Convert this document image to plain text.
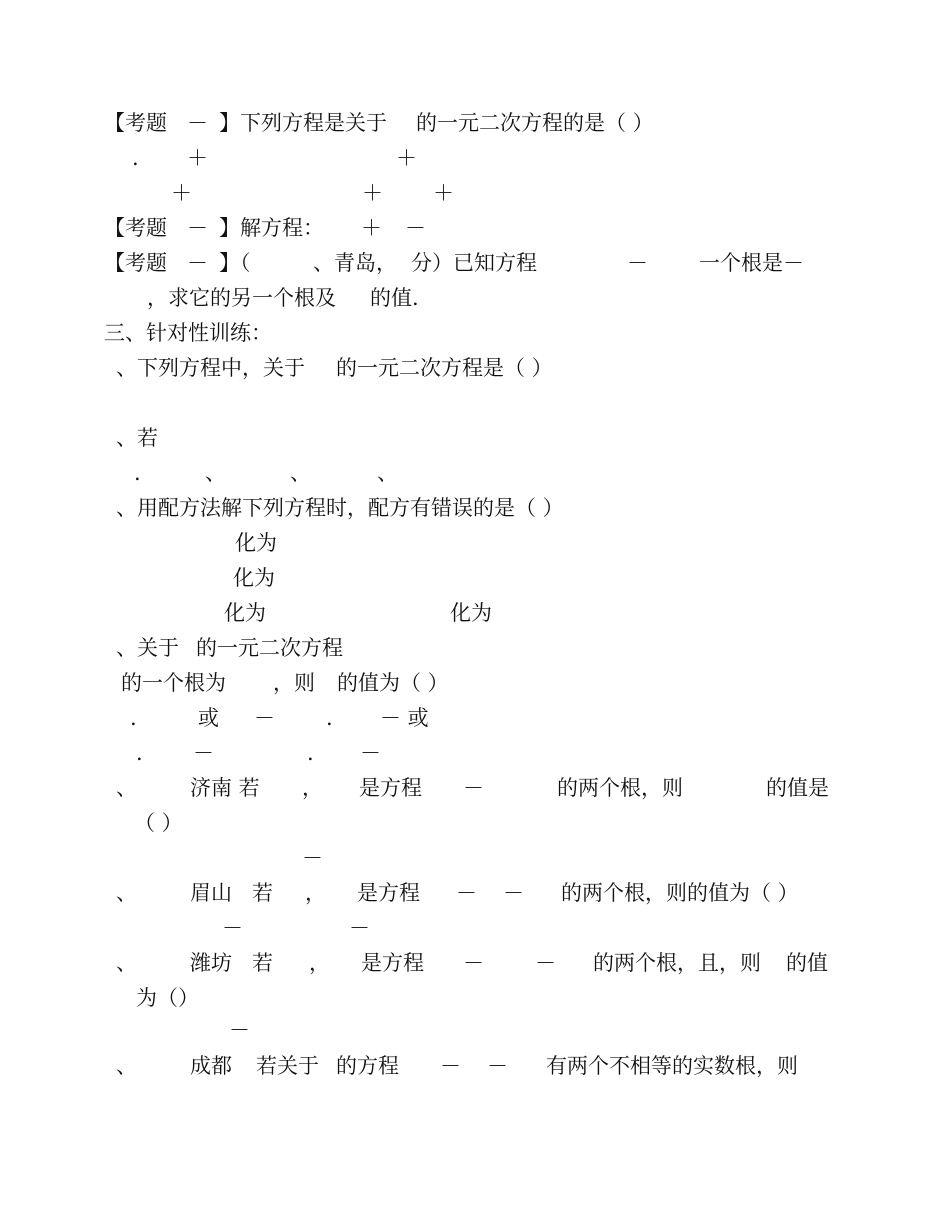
【考题 － 】下列方程是关于 的一元二次方程的是（ ）
. ＋	＋
＋	＋ ＋
【考题 － 】解方程： ＋ －
【考题 － 】（	、青岛， 分）已知方程	－ 一个根是－
，求它的另一个根及 的值.
三、针对性训练：
、下列方程中，关于 的一元二次方程是（ ）
、若
.	、	、	、
、用配方法解下列方程时，配方有错误的是（ ）
化为
化为
化为	化为
、关于 的一元二次方程
的一个根为 ，则 的值为（ ）
.	或 － . － 或
. －	. －
、	济南 若 ， 是方程 －	的两个根，则	的值是
（ ）
－
、	眉山 若 ， 是方程 － － 的两个根，则的值为（ ）
－	－
、	潍坊 若 ， 是方程 － － 的两个根，且，则 的值
为（）
－
、	成都 若关于 的方程 － － 有两个不相等的实数根，则
